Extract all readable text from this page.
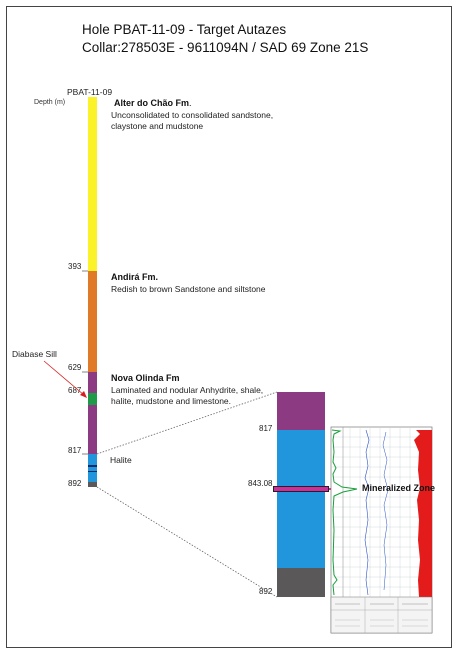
Hole PBAT-11-09 - Target Autazes
Collar:278503E - 9611094N / SAD 69 Zone 21S
PBAT-11-09
Depth (m)
393
629
687
817
892
Alter do Chão Fm.
Unconsolidated to consolidated sandstone, claystone and mudstone
Andirá Fm.
Redish to brown Sandstone and siltstone
Nova Olinda Fm
Laminated and nodular Anhydrite, shale, halite, mudstone and limestone.
Halite
Diabase Sill
817
843.08
892
Mineralized Zone
